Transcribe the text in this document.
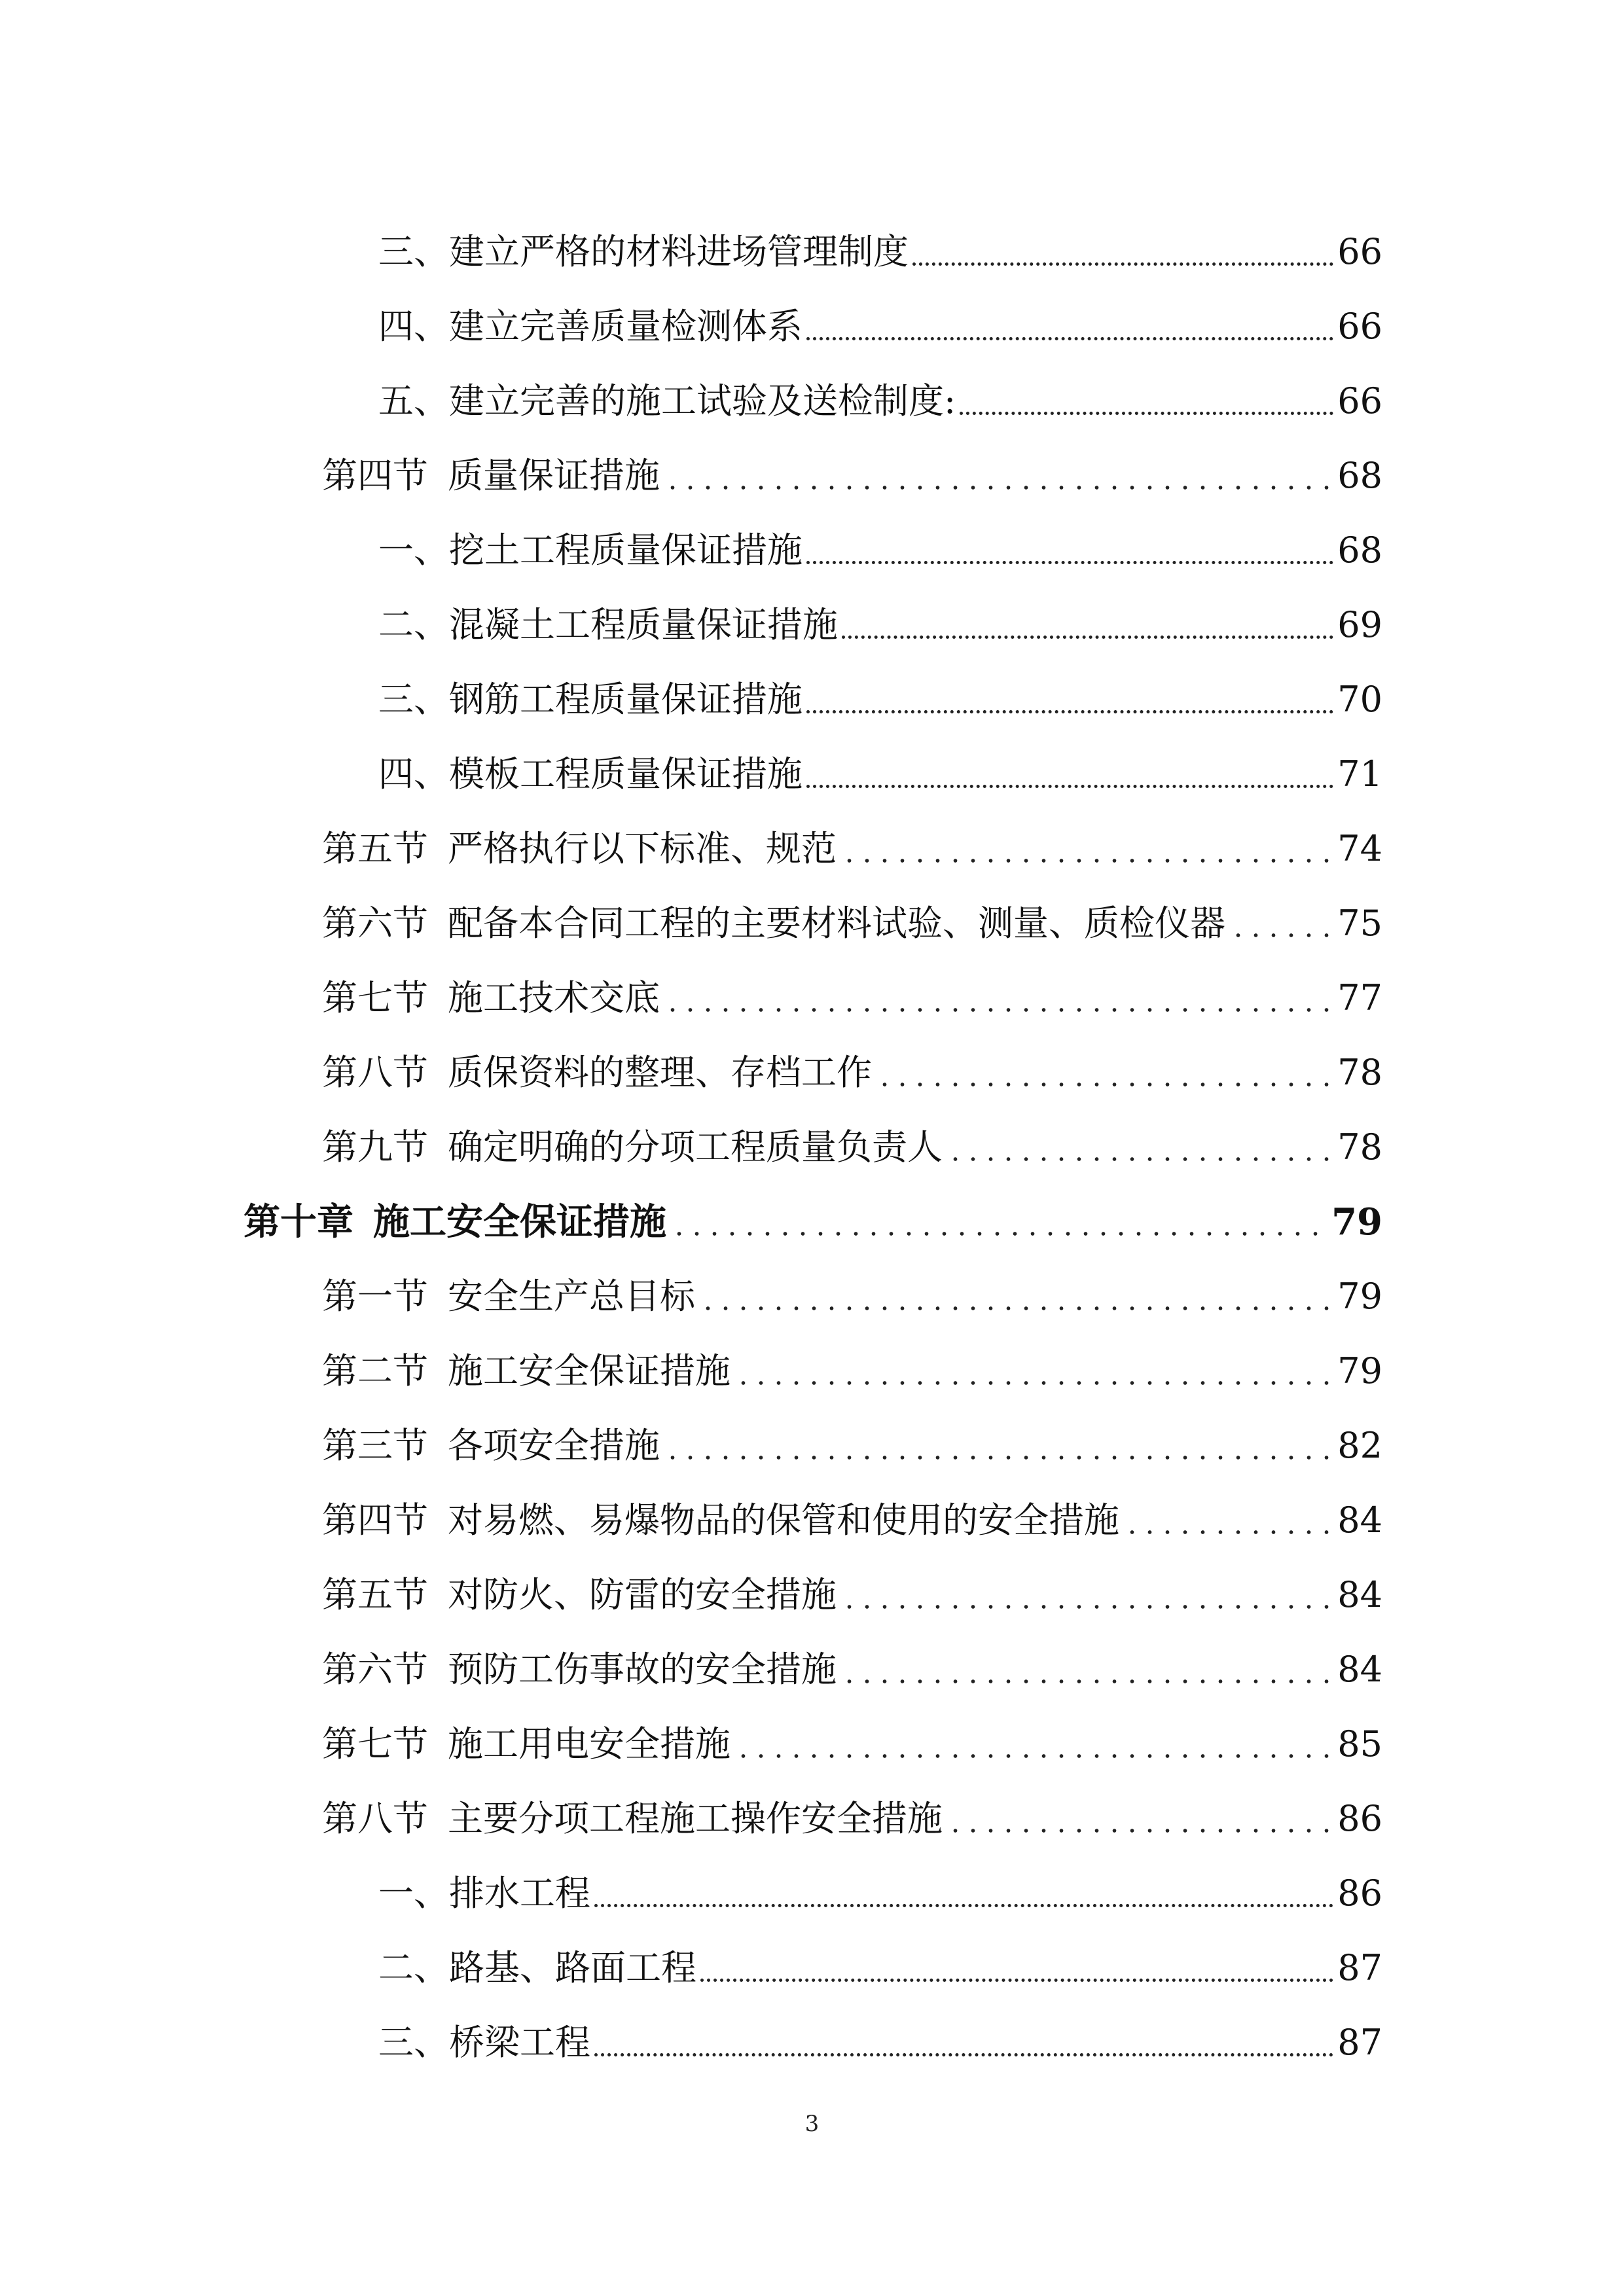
三、建立严格的材料进场管理制度	66
四、建立完善质量检测体系	66
五、建立完善的施工试验及送检制度:	66
第四节 质量保证措施	68
一、挖土工程质量保证措施	68
二、混凝土工程质量保证措施	69
三、钢筋工程质量保证措施	70
四、模板工程质量保证措施	71
第五节 严格执行以下标准、规范	74
第六节 配备本合同工程的主要材料试验、测量、质检仪器	75
第七节 施工技术交底	77
第八节 质保资料的整理、存档工作	78
第九节 确定明确的分项工程质量负责人	78
第十章 施工安全保证措施	79
第一节 安全生产总目标	79
第二节 施工安全保证措施	79
第三节 各项安全措施	82
第四节 对易燃、易爆物品的保管和使用的安全措施	84
第五节 对防火、防雷的安全措施	84
第六节 预防工伤事故的安全措施	84
第七节 施工用电安全措施	85
第八节 主要分项工程施工操作安全措施	86
一、排水工程	86
二、路基、路面工程	87
三、桥梁工程	87
3
